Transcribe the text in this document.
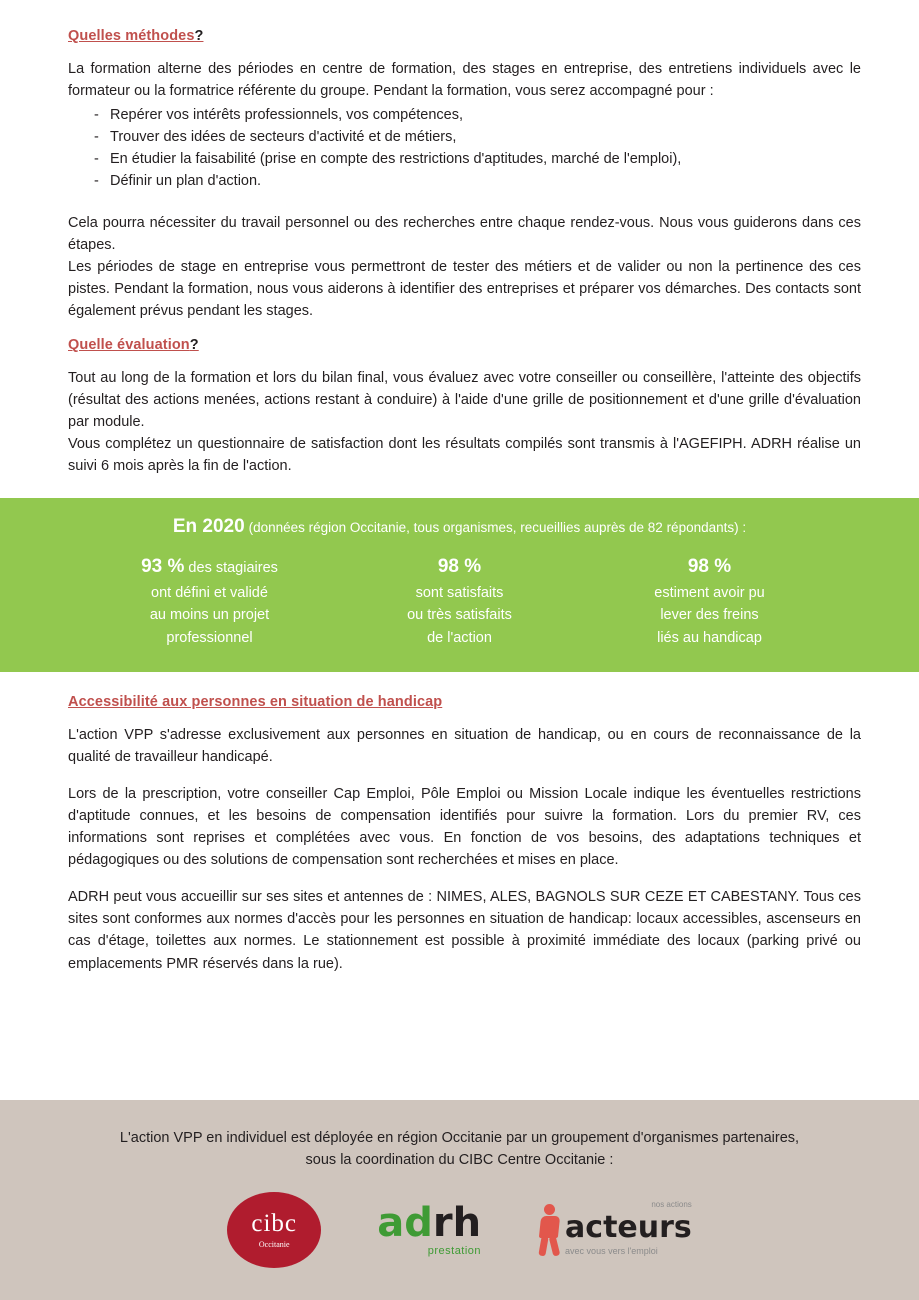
Quelles méthodes?

La formation alterne des périodes en centre de formation, des stages en entreprise, des entretiens individuels avec le formateur ou la formatrice référente du groupe. Pendant la formation, vous serez accompagné pour :

- Repérer vos intérêts professionnels, vos compétences,
- Trouver des idées de secteurs d'activité et de métiers,
- En étudier la faisabilité (prise en compte des restrictions d'aptitudes, marché de l'emploi),
- Définir un plan d'action.

Cela pourra nécessiter du travail personnel ou des recherches entre chaque rendez-vous. Nous vous guiderons dans ces étapes.

Les périodes de stage en entreprise vous permettront de tester des métiers et de valider ou non la pertinence des ces pistes. Pendant la formation, nous vous aiderons à identifier des entreprises et préparer vos démarches. Des contacts sont également prévus pendant les stages.

Quelle évaluation?

Tout au long de la formation et lors du bilan final, vous évaluez avec votre conseiller ou conseillère, l'atteinte des objectifs (résultat des actions menées, actions restant à conduire) à l'aide d'une grille de positionnement et d'une grille d'évaluation par module.

Vous complétez un questionnaire de satisfaction dont les résultats compilés sont transmis à l'AGEFIPH. ADRH réalise un suivi 6 mois après la fin de l'action.

En 2020 (données région Occitanie, tous organismes, recueillies auprès de 82 répondants) :
93 % des stagiaires
ont défini et validé
au moins un projet
professionnel
98 %
sont satisfaits
ou très satisfaits
de l'action
98 %
estiment avoir pu
lever des freins
liés au handicap
Accessibilité aux personnes en situation de handicap

L'action VPP s'adresse exclusivement aux personnes en situation de handicap, ou en cours de reconnaissance de la qualité de travailleur handicapé.

Lors de la prescription, votre conseiller Cap Emploi, Pôle Emploi ou Mission Locale indique les éventuelles restrictions d'aptitude connues, et les besoins de compensation identifiés pour suivre la formation. Lors du premier RV, ces informations sont reprises et complétées avec vous. En fonction de vos besoins, des adaptations techniques et pédagogiques ou des solutions de compensation sont recherchées et mises en place.

ADRH peut vous accueillir sur ses sites et antennes de : NIMES, ALES, BAGNOLS SUR CEZE ET CABESTANY. Tous ces sites sont conformes aux normes d'accès pour les personnes en situation de handicap: locaux accessibles, ascenseurs en cas d'étage, toilettes aux normes. Le stationnement est possible à proximité immédiate des locaux (parking privé ou emplacements PMR réservés dans la rue).

L'action VPP en individuel est déployée en région Occitanie par un groupement d'organismes partenaires,
sous la coordination du CIBC Centre Occitanie :
cibc
Occitanie adrh
prestation
acteurs
avec vous vers l'emploi
nos actions
